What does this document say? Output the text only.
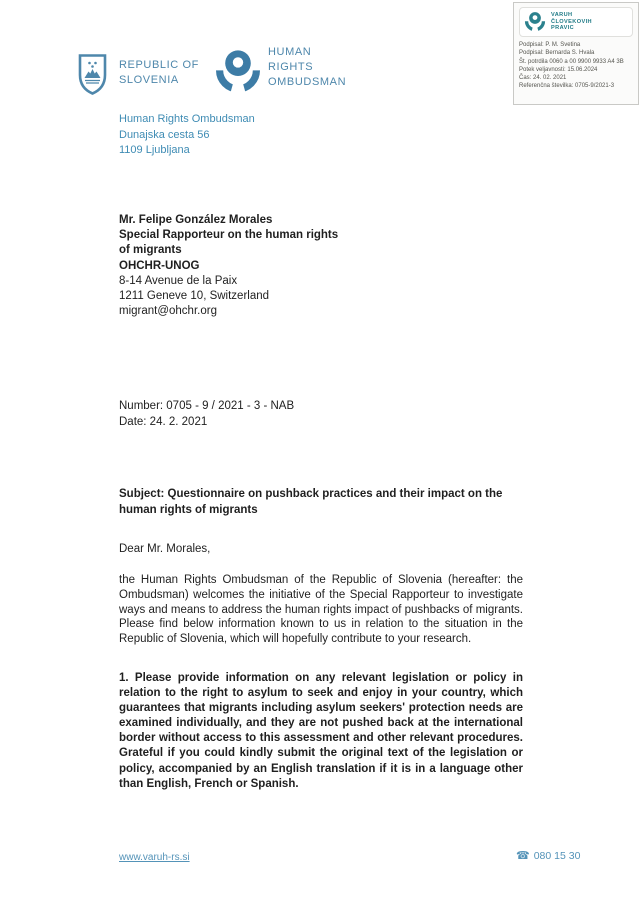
REPUBLIC OF
SLOVENIA
HUMAN
RIGHTS
OMBUDSMAN
VARUH
ČLOVEKOVIH
PRAVIC
Podpisal: P. M. Svetina
Podpisal: Bernarda S. Hvala
Št. potrdila 0060 a 00 9900 9933 A4 3B
Potek veljavnosti: 15.06.2024
Čas: 24. 02. 2021
Referenčna številka: 0705-9/2021-3
Human Rights Ombudsman
Dunajska cesta 56
1109 Ljubljana
Mr. Felipe González Morales
Special Rapporteur on the human rights
of migrants
OHCHR-UNOG
8-14 Avenue de la Paix
1211 Geneve 10, Switzerland
migrant@ohchr.org
Number: 0705 - 9 / 2021 - 3 - NAB
Date: 24. 2. 2021
Subject: Questionnaire on pushback practices and their impact on the human rights of migrants
Dear Mr. Morales,
the Human Rights Ombudsman of the Republic of Slovenia (hereafter: the Ombudsman) welcomes the initiative of the Special Rapporteur to investigate ways and means to address the human rights impact of pushbacks of migrants. Please find below information known to us in relation to the situation in the Republic of Slovenia, which will hopefully contribute to your research.
1. Please provide information on any relevant legislation or policy in relation to the right to asylum to seek and enjoy in your country, which guarantees that migrants including asylum seekers' protection needs are examined individually, and they are not pushed back at the international border without access to this assessment and other relevant procedures. Grateful if you could kindly submit the original text of the legislation or policy, accompanied by an English translation if it is in a language other than English, French or Spanish.
www.varuh-rs.si	☎ 080 15 30
